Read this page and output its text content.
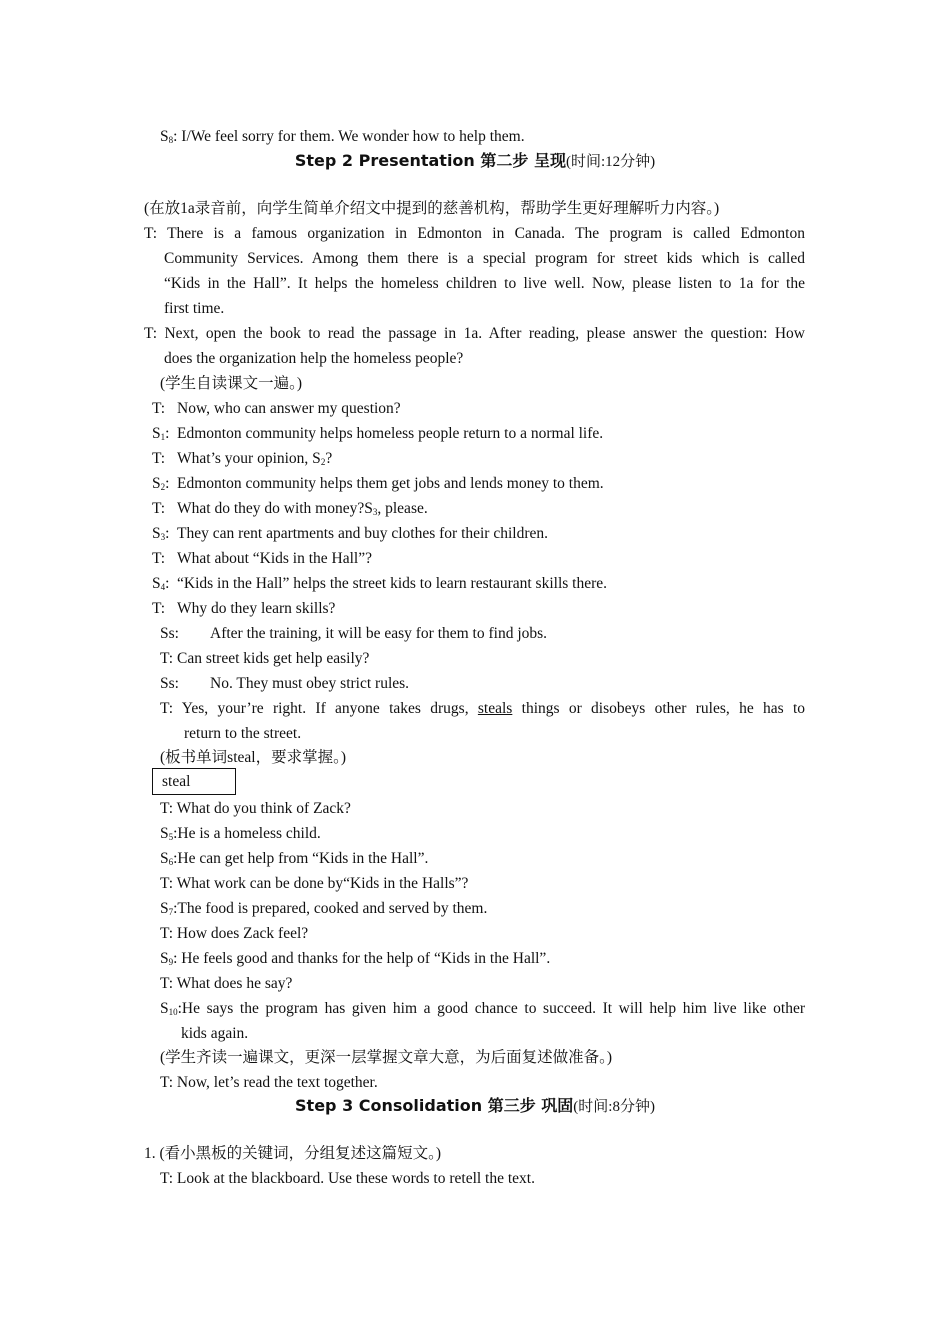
$S_8$: I/We feel sorry for them. We wonder how to help them.
Step 2 Presentation 第二步 呈现(时间:12分钟)
(在放1a录音前，向学生简单介绍文中提到的慈善机构，帮助学生更好理解听力内容。)
T: There is a famous organization in Edmonton in Canada. The program is called Edmonton
Community Services. Among them there is a special program for street kids which is called
“Kids in the Hall”. It helps the homeless children to live well. Now, please listen to 1a for the
first time.
T: Next, open the book to read the passage in 1a. After reading, please answer the question: How
does the organization help the homeless people?
(学生自读课文一遍。)
T: Now, who can answer my question?
$S_1$: Edmonton community helps homeless people return to a normal life.
T: What’s your opinion, $S_2$?
$S_2$: Edmonton community helps them get jobs and lends money to them.
T: What do they do with $money?S_3$, please.
$S_3$: They can rent apartments and buy clothes for their children.
T: What about “Kids in the Hall”?
$S_4$: “Kids in the Hall” helps the street kids to learn restaurant skills there.
T: Why do they learn skills?
Ss: After the training, it will be easy for them to find jobs.
T: Can street kids get help easily?
Ss: No. They must obey strict rules.
T: Yes, your’re right. If anyone takes drugs, steals things or disobeys other rules, he has to
return to the street.
(板书单词steal，要求掌握。)
steal
T: What do you think of Zack?
$S_5:He$ is a homeless child.
$S_6:He$ can get help from “Kids in the Hall”.
T: What work can be done by“Kids in the Halls”?
$S_7:The$ food is prepared, cooked and served by them.
T: How does Zack feel?
$S_9$: He feels good and thanks for the help of “Kids in the Hall”.
T: What does he say?
$S_{10}:He$ says the program has given him a good chance to succeed. It will help him live like other
kids again.
(学生齐读一遍课文，更深一层掌握文章大意，为后面复述做准备。)
T: Now, let’s read the text together.
Step 3 Consolidation 第三步 巩固(时间:8分钟)
1. (看小黑板的关键词，分组复述这篇短文。)
T: Look at the blackboard. Use these words to retell the text.
